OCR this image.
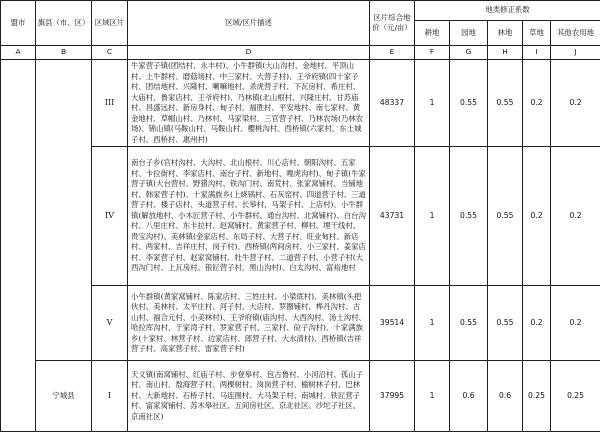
盟市	旗县（市、区）	区域区片	区域/区片描述	区片综合地价（元/亩）	地类修正系数				
					耕地	园地	林地	草地	其他农用地
A	B	C	D	E	F	G	H	I	J
		III	牛家营子镇(团结村、永丰村)、小牛群镇(大山沟村、金地村、平顶山村、上牛群村、磨菇场村、中三家村、大营子村)、王爷府镇(四十家子村、团结地村、兴隆村、喇嘛地村、杀虎营子村、下瓦房村、希庄村、大庙村、鲁家店村、王爷府村)、乃林镇(北山根村、兴隆庄村、甘苏庙村、昌盛远村、新房身村、甸子村、福胜村、平安地村、南七家村、黄金地村、草帽山村、乃林村、马家梁村、三官营子村、乃林农场(乃林农场)、锦山镇(马鞍山村、马鞍山村、樱桃沟村、西桥镇(六家村、东土城子村、西桥村、惠州村)	48337	1	0.55	0.55	0.2	0.2
		IV	南台子乡(官村沟村、大沟村、北山根村、川心店村、朝阳沟村、五家村、卡拉街村、李家店村、南台子村、新地村、嘎虎沟村)、甸子镇(牛家营子镇(大台营村、野猪沟村、铁沟门村、南荒村、张家窝铺村、当铺地村、韩家营子村)、十家满族乡(上烧锅村、石灰窑村、四道营子村、三道营子村、楼子店村、头道营子村、长皋村、马架子村、上店村)、小牛群镇(解放地村、小木匠营子村、小牛群村、通台沟村、北窝铺村)、白台沟村、八里庄村、东卡拉村、赵窝铺村、黄家营子村、柳村、埋干线村、贵宝沟村)、美林镇(金家店村、东局子村、大营子村、旺业甸村、新店村、两家村、吉祥庄村、岗子村)、西桥镇(两间房村、小三家村、姜家店村、李家营子村、赵家窝铺村、牡牛营子村、二道营子村、小营子村(大西沟门村、上瓦房村、银匠营子村、黑山沟村)、白太沟村、富裕地村	43731	1	0.55	0.55	0.2	0.2
		V	小牛群镇(黄家窝铺村、陈家店村、三姓庄村、小梁底村)、美林镇(头把伙村、美林村、太平庄村、河子村、大店村、罗圈铺村、桦丹沟村、古山村、福合元村、小美林村)、王爷府镇(庙沟村、大西沟村、汤土沟村、哈拉库沟村、于家湾子村、罗家营子村、三家村、砬子沟村)、十家满族乡(十家村、林营子村、边家店村、郎营子村、大水清村)、西桥镇(吉祥营子村、高家营子村、雷家营子村)	39514	1	0.55	0.55	0.2	0.2
	宁城县	I	天义镇(南窝铺村、红庙子村、步登皋村、包古鲁村、小河沿村、孤山子村、南山村、敖海营子村、两棵树村、岗岗营子村、榆树林子村、巴林村、大新地村、石桥子村、马连围村、大马架子村、南城村、铁匠营子村、富家窝铺村、苏木皋社区、五间房社区、京北社区、沙坨子社区、京南社区)	37995	1	0.6	0.6	0.25	0.25
